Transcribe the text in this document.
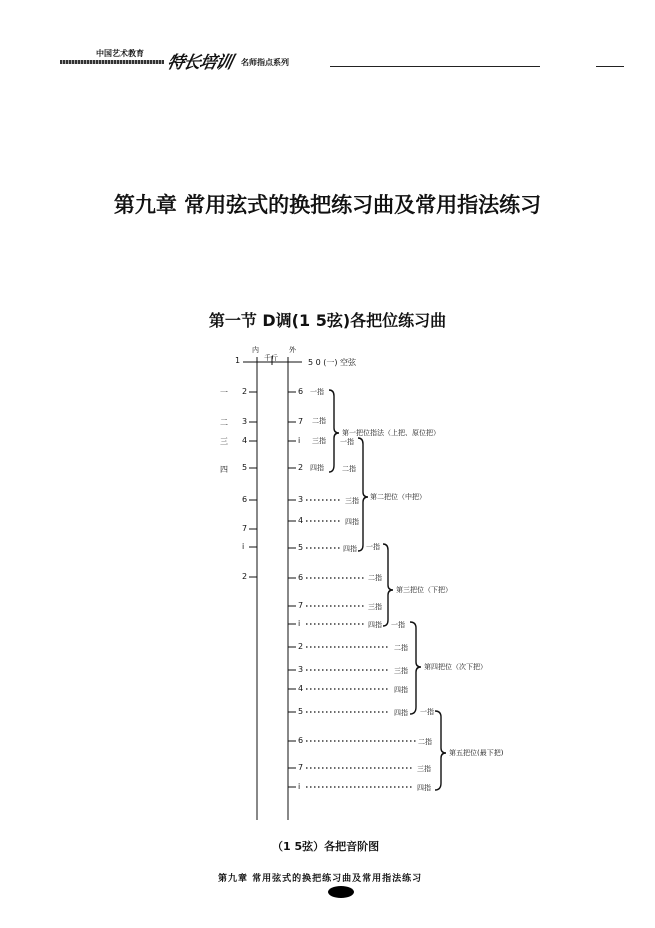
中国艺术教育 特长培训 名师指点系列
第九章 常用弦式的换把练习曲及常用指法练习
第一节 D调(1 5弦)各把位练习曲
内
千斤
外
1	5 0 (一) 空弦
一
二
三
四
2
3
4
5
6
7
i
2
6
7
i
2
3
4
5
6
7
i
2
3
4
5
6
7
i
一指
二指
三指
四指
三指
四指
四指
二指
三指
四指
二指
三指
四指
四指
二指
三指
四指
一指
一指
一指
一指
二指
第一把位指法（上把、原位把）
第二把位（中把）
第三把位（下把）
第四把位（次下把）
第五把位(最下把)
（1 5弦）各把音阶图
第九章 常用弦式的换把练习曲及常用指法练习
